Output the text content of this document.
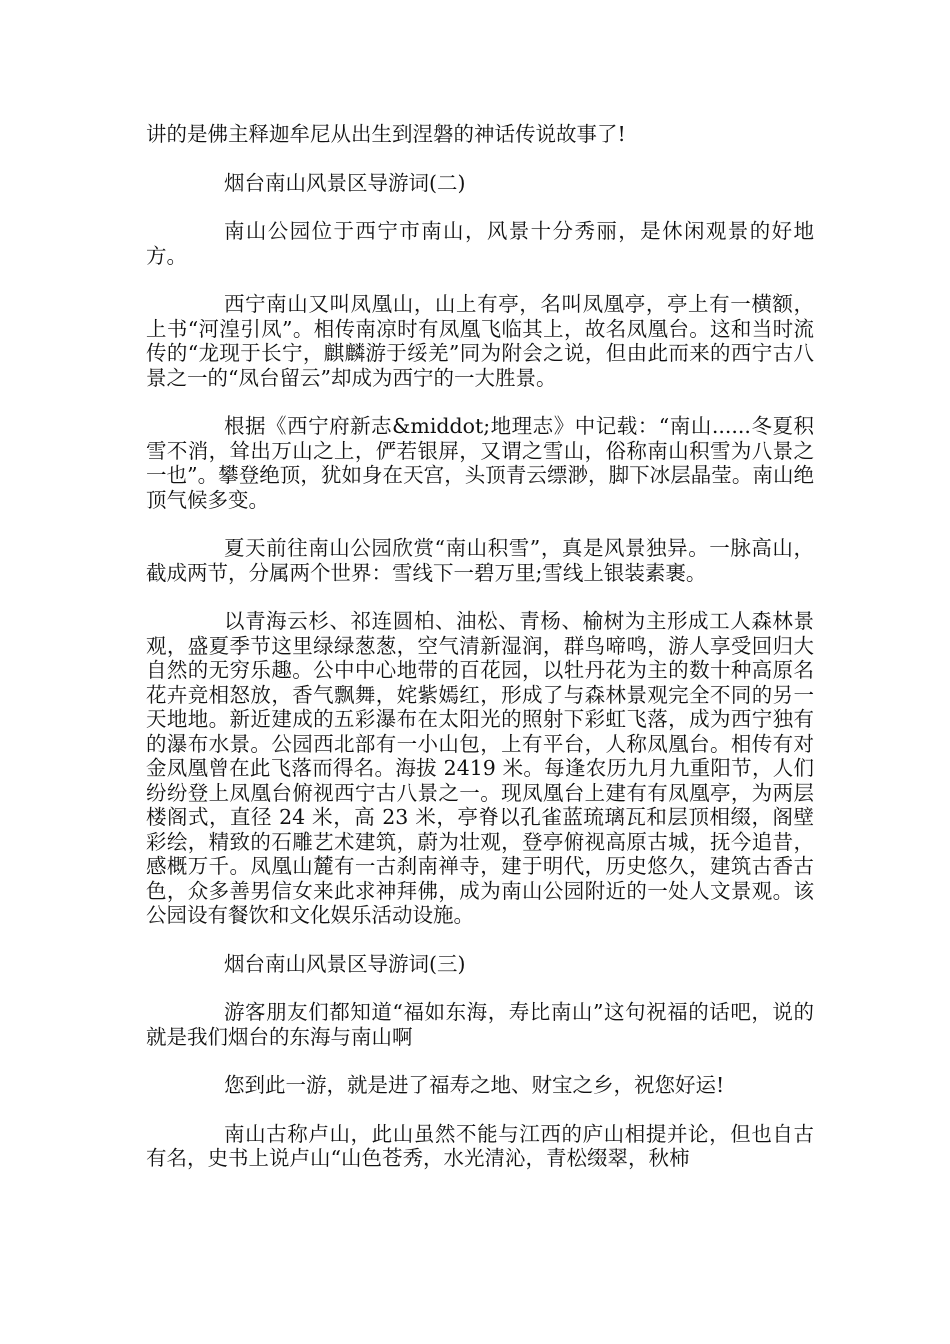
讲的是佛主释迦牟尼从出生到涅磐的神话传说故事了!

烟台南山风景区导游词(二)

南山公园位于西宁市南山，风景十分秀丽，是休闲观景的好地方。

西宁南山又叫凤凰山，山上有亭，名叫凤凰亭，亭上有一横额，上书“河湟引凤”。相传南凉时有凤凰飞临其上，故名凤凰台。这和当时流传的“龙现于长宁，麒麟游于绥羌”同为附会之说，但由此而来的西宁古八景之一的“凤台留云”却成为西宁的一大胜景。

根据《西宁府新志&middot;地理志》中记载：“南山......冬夏积雪不消，耸出万山之上，俨若银屏，又谓之雪山，俗称南山积雪为八景之一也”。攀登绝顶，犹如身在天宫，头顶青云缥渺，脚下冰层晶莹。南山绝顶气候多变。

夏天前往南山公园欣赏“南山积雪”，真是风景独异。一脉高山，截成两节，分属两个世界：雪线下一碧万里;雪线上银装素裹。

以青海云杉、祁连圆柏、油松、青杨、榆树为主形成工人森林景观，盛夏季节这里绿绿葱葱，空气清新湿润，群鸟啼鸣，游人享受回归大自然的无穷乐趣。公中中心地带的百花园，以牡丹花为主的数十种高原名花卉竞相怒放，香气飘舞，姹紫嫣红，形成了与森林景观完全不同的另一天地地。新近建成的五彩瀑布在太阳光的照射下彩虹飞落，成为西宁独有的瀑布水景。公园西北部有一小山包，上有平台，人称凤凰台。相传有对金凤凰曾在此飞落而得名。海拔 2419 米。每逢农历九月九重阳节，人们纷纷登上凤凰台俯视西宁古八景之一。现凤凰台上建有有凤凰亭，为两层楼阁式，直径 24 米，高 23 米，亭脊以孔雀蓝琉璃瓦和层顶相缀，阁壁彩绘，精致的石雕艺术建筑，蔚为壮观，登亭俯视高原古城，抚今追昔，感概万千。凤凰山麓有一古刹南禅寺，建于明代，历史悠久，建筑古香古色，众多善男信女来此求神拜佛，成为南山公园附近的一处人文景观。该公园设有餐饮和文化娱乐活动设施。

烟台南山风景区导游词(三)

游客朋友们都知道“福如东海，寿比南山”这句祝福的话吧，说的就是我们烟台的东海与南山啊

您到此一游，就是进了福寿之地、财宝之乡，祝您好运!

南山古称卢山，此山虽然不能与江西的庐山相提并论，但也自古有名，史书上说卢山“山色苍秀，水光清沁，青松缀翠，秋柿
